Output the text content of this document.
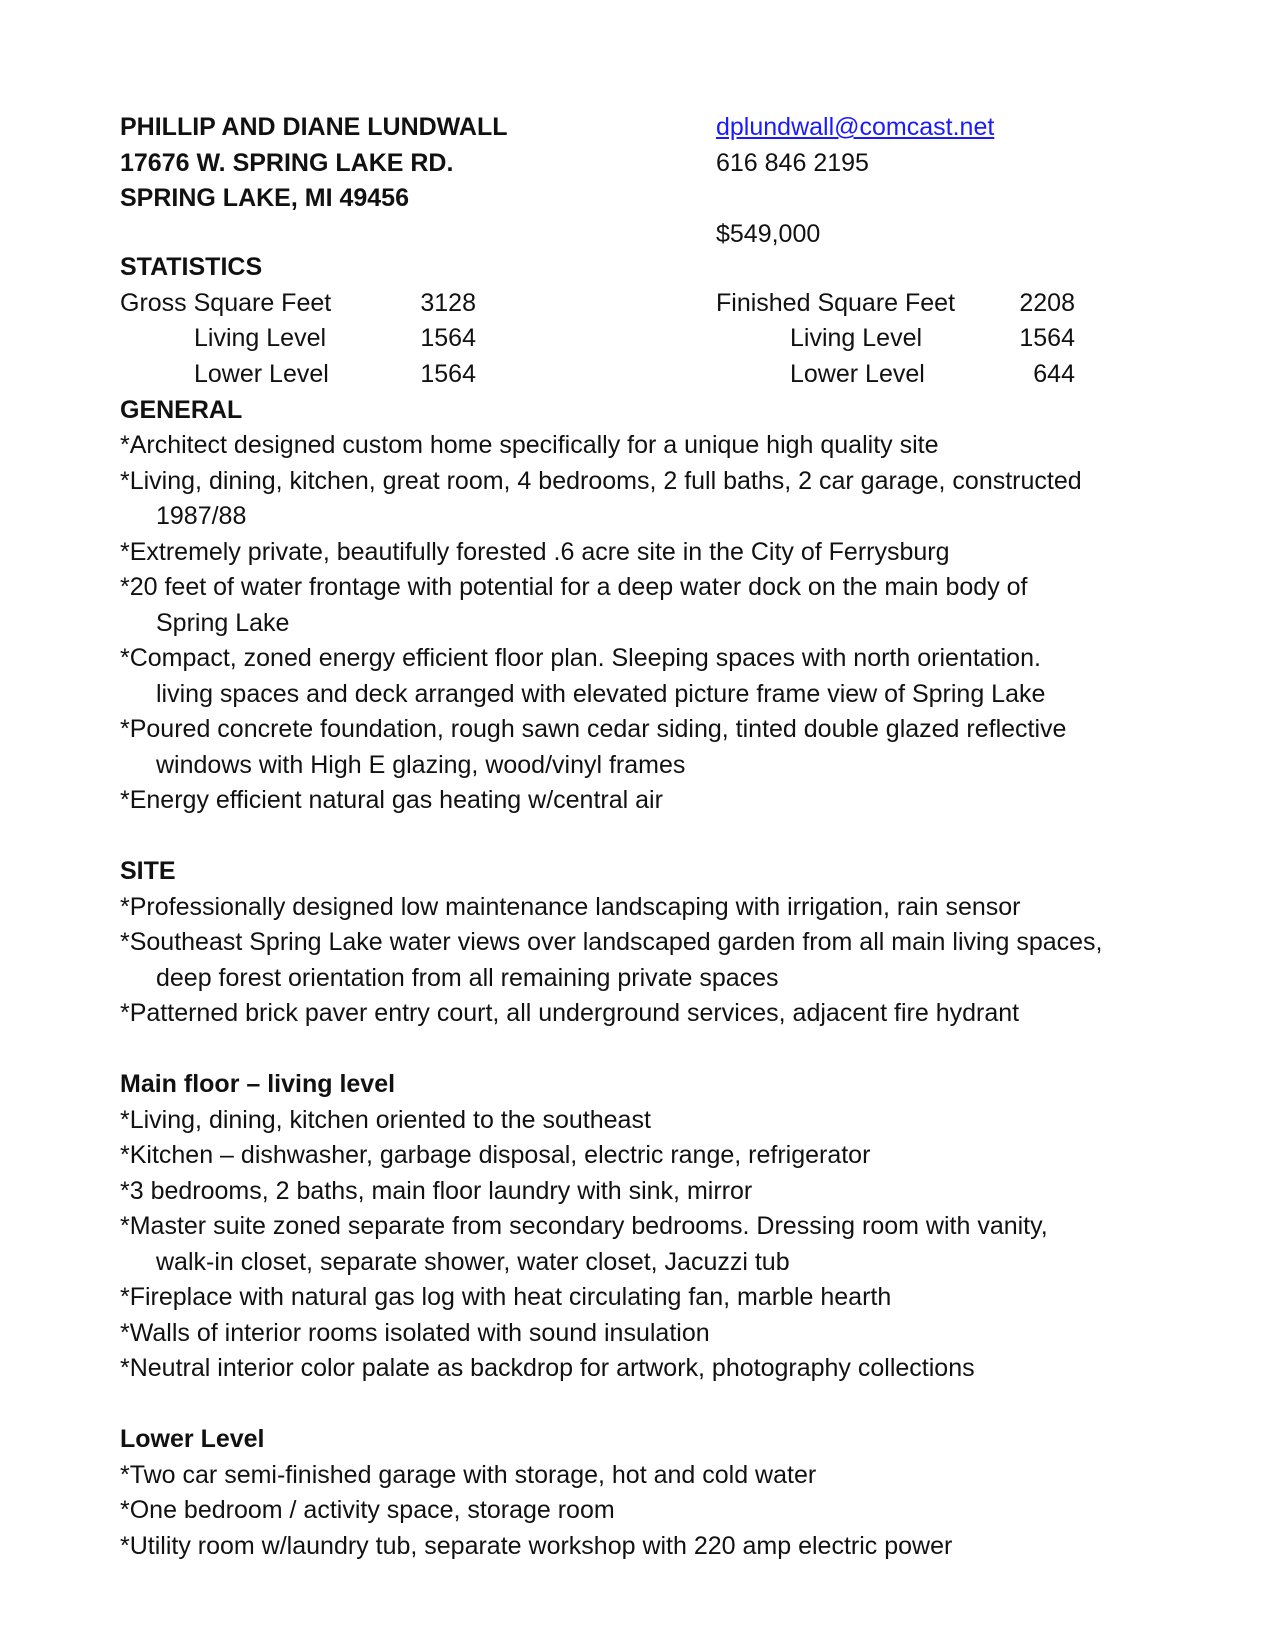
PHILLIP AND DIANE LUNDWALL
17676 W. SPRING LAKE RD.
SPRING LAKE, MI 49456
dplundwall@comcast.net
616 846 2195
$549,000
STATISTICS
Gross Square Feet	3128
Living Level	1564
Lower Level	1564
Finished Square Feet	2208
Living Level	1564
Lower Level	644
GENERAL
*Architect designed custom home specifically for a unique high quality site
*Living, dining, kitchen, great room, 4 bedrooms, 2 full baths, 2 car garage, constructed
1987/88
*Extremely private, beautifully forested .6 acre site in the City of Ferrysburg
*20 feet of water frontage with potential for a deep water dock on the main body of
Spring Lake
*Compact, zoned energy efficient floor plan. Sleeping spaces with north orientation.
living spaces and deck arranged with elevated picture frame view of Spring Lake
*Poured concrete foundation, rough sawn cedar siding, tinted double glazed reflective
windows with High E glazing, wood/vinyl frames
*Energy efficient natural gas heating w/central air
SITE
*Professionally designed low maintenance landscaping with irrigation, rain sensor
*Southeast Spring Lake water views over landscaped garden from all main living spaces,
deep forest orientation from all remaining private spaces
*Patterned brick paver entry court, all underground services, adjacent fire hydrant
Main floor – living level
*Living, dining, kitchen oriented to the southeast
*Kitchen – dishwasher, garbage disposal, electric range, refrigerator
*3 bedrooms, 2 baths, main floor laundry with sink, mirror
*Master suite zoned separate from secondary bedrooms. Dressing room with vanity,
walk-in closet, separate shower, water closet, Jacuzzi tub
*Fireplace with natural gas log with heat circulating fan, marble hearth
*Walls of interior rooms isolated with sound insulation
*Neutral interior color palate as backdrop for artwork, photography collections
Lower Level
*Two car semi-finished garage with storage, hot and cold water
*One bedroom / activity space, storage room
*Utility room w/laundry tub, separate workshop with 220 amp electric power
